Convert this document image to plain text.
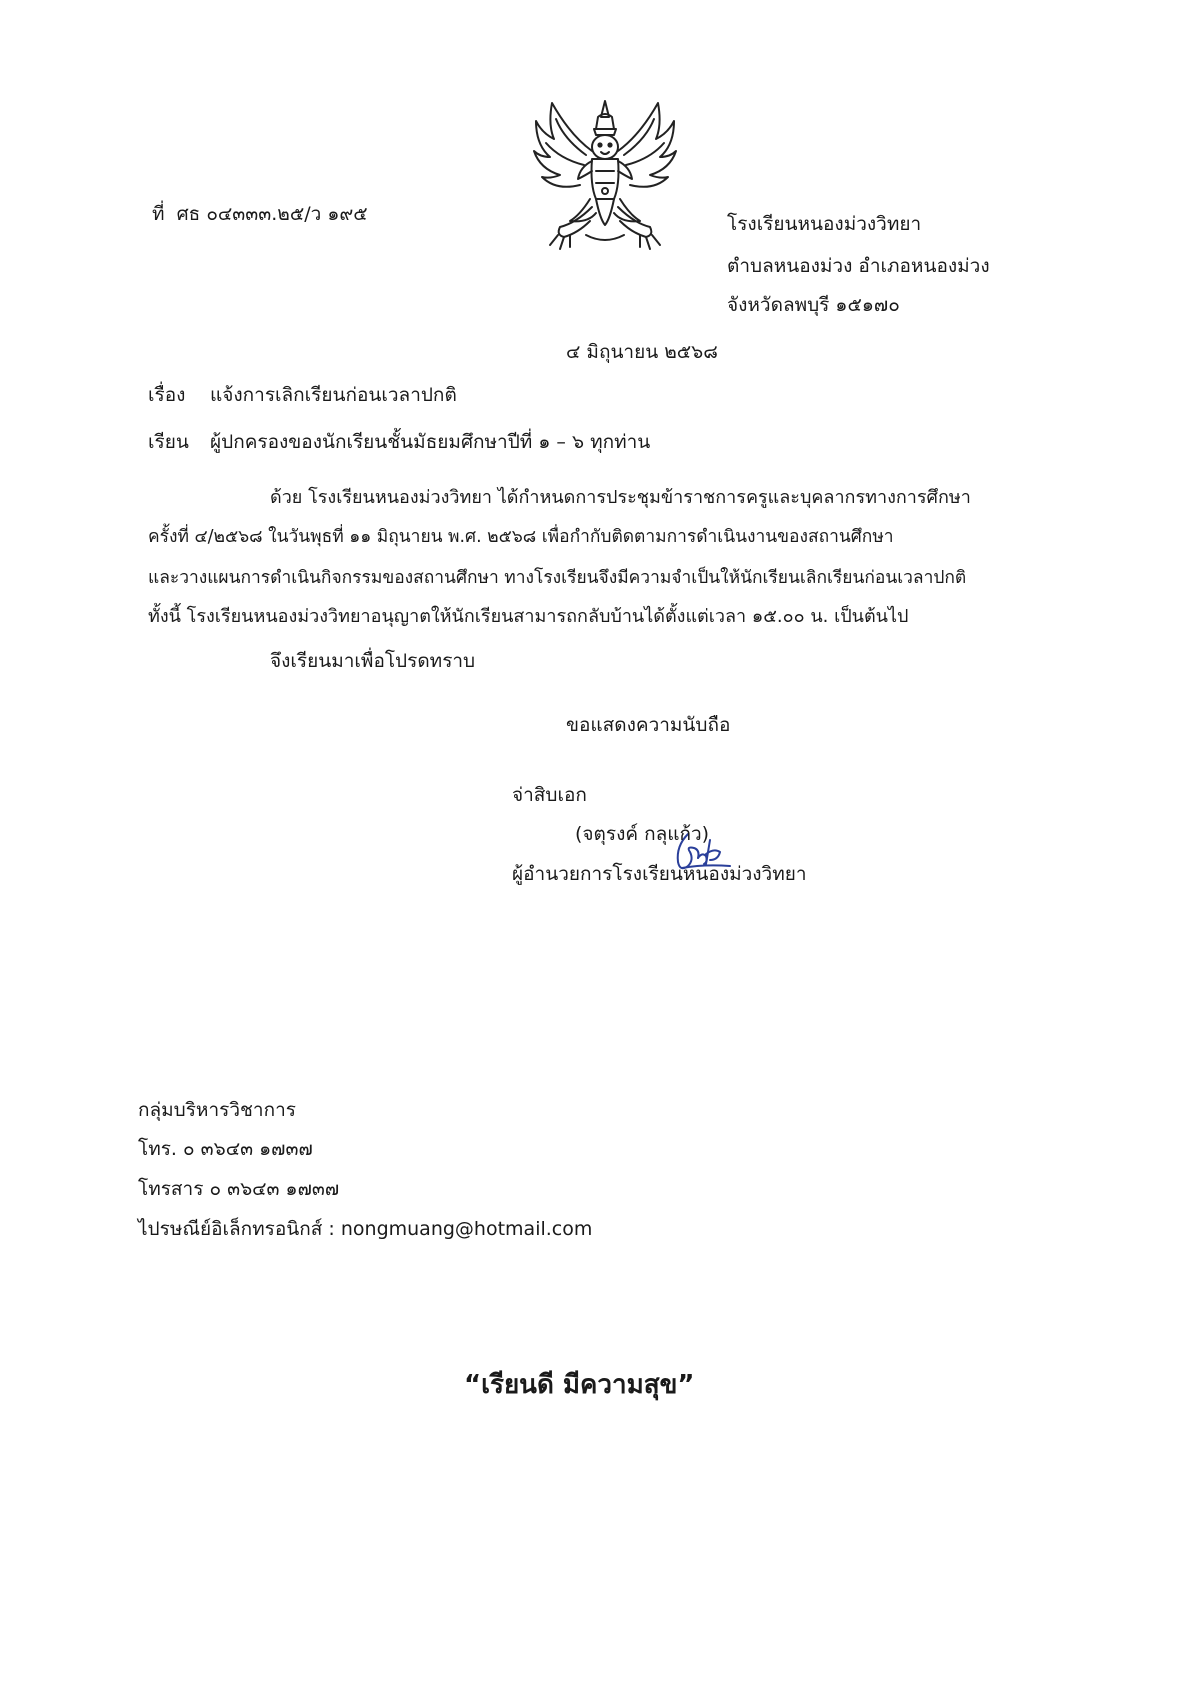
ที่ ศธ ๐๔๓๓๓.๒๕/ว ๑๙๕	โรงเรียนหนองม่วงวิทยา
ตำบลหนองม่วง อำเภอหนองม่วง
จังหวัดลพบุรี ๑๕๑๗๐
๔ มิถุนายน ๒๕๖๘
เรื่อง แจ้งการเลิกเรียนก่อนเวลาปกติ
เรียน ผู้ปกครองของนักเรียนชั้นมัธยมศึกษาปีที่ ๑ – ๖ ทุกท่าน
ด้วย โรงเรียนหนองม่วงวิทยา ได้กำหนดการประชุมข้าราชการครูและบุคลากรทางการศึกษา
ครั้งที่ ๔/๒๕๖๘ ในวันพุธที่ ๑๑ มิถุนายน พ.ศ. ๒๕๖๘ เพื่อกำกับติดตามการดำเนินงานของสถานศึกษา
และวางแผนการดำเนินกิจกรรมของสถานศึกษา ทางโรงเรียนจึงมีความจำเป็นให้นักเรียนเลิกเรียนก่อนเวลาปกติ
ทั้งนี้ โรงเรียนหนองม่วงวิทยาอนุญาตให้นักเรียนสามารถกลับบ้านได้ตั้งแต่เวลา ๑๕.๐๐ น. เป็นต้นไป
จึงเรียนมาเพื่อโปรดทราบ
ขอแสดงความนับถือ
จ่าสิบเอก
(จตุรงค์ กลุแก้ว)
ผู้อำนวยการโรงเรียนหนองม่วงวิทยา
กลุ่มบริหารวิชาการ
โทร. ๐ ๓๖๔๓ ๑๗๓๗
โทรสาร ๐ ๓๖๔๓ ๑๗๓๗
ไปรษณีย์อิเล็กทรอนิกส์ : nongmuang@hotmail.com
“เรียนดี มีความสุข”
